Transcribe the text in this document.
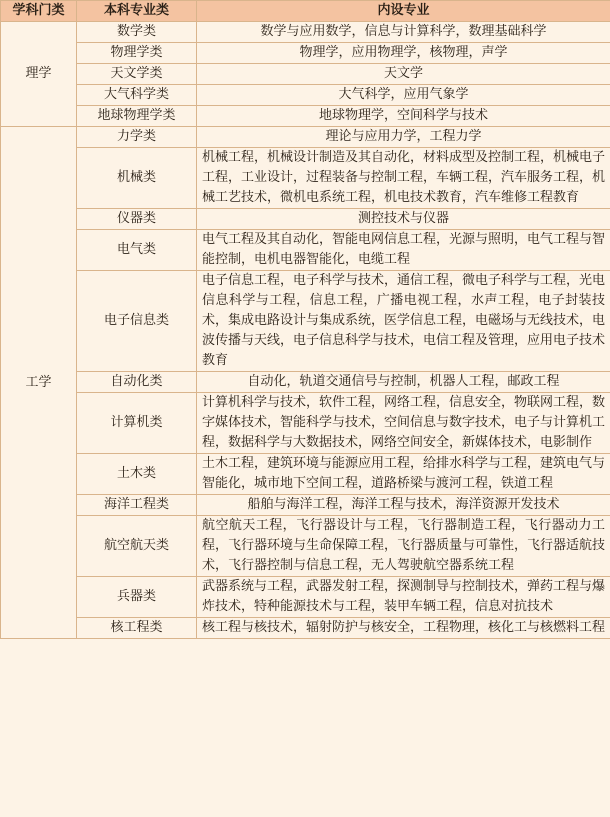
学科门类	本科专业类	内设专业
理学	数学类	数学与应用数学，信息与计算科学，数理基础科学
	物理学类	物理学，应用物理学，核物理，声学
	天文学类	天文学
	大气科学类	大气科学，应用气象学
	地球物理学类	地球物理学，空间科学与技术
工学	力学类	理论与应用力学，工程力学
	机械类	机械工程，机械设计制造及其自动化，材料成型及控制工程，机械电子工程，工业设计，过程装备与控制工程，车辆工程，汽车服务工程，机械工艺技术，微机电系统工程，机电技术教育，汽车维修工程教育
	仪器类	测控技术与仪器
	电气类	电气工程及其自动化，智能电网信息工程，光源与照明，电气工程与智能控制，电机电器智能化，电缆工程
	电子信息类	电子信息工程，电子科学与技术，通信工程，微电子科学与工程，光电信息科学与工程，信息工程，广播电视工程，水声工程，电子封装技术，集成电路设计与集成系统，医学信息工程，电磁场与无线技术，电波传播与天线，电子信息科学与技术，电信工程及管理，应用电子技术教育
	自动化类	自动化，轨道交通信号与控制，机器人工程，邮政工程
	计算机类	计算机科学与技术，软件工程，网络工程，信息安全，物联网工程，数字媒体技术，智能科学与技术，空间信息与数字技术，电子与计算机工程，数据科学与大数据技术，网络空间安全，新媒体技术，电影制作
	土木类	土木工程，建筑环境与能源应用工程，给排水科学与工程，建筑电气与智能化，城市地下空间工程，道路桥梁与渡河工程，铁道工程
	海洋工程类	船舶与海洋工程，海洋工程与技术，海洋资源开发技术
	航空航天类	航空航天工程，飞行器设计与工程，飞行器制造工程，飞行器动力工程，飞行器环境与生命保障工程，飞行器质量与可靠性，飞行器适航技术，飞行器控制与信息工程，无人驾驶航空器系统工程
	兵器类	武器系统与工程，武器发射工程，探测制导与控制技术，弹药工程与爆炸技术，特种能源技术与工程，装甲车辆工程，信息对抗技术
	核工程类	核工程与核技术，辐射防护与核安全，工程物理，核化工与核燃料工程
